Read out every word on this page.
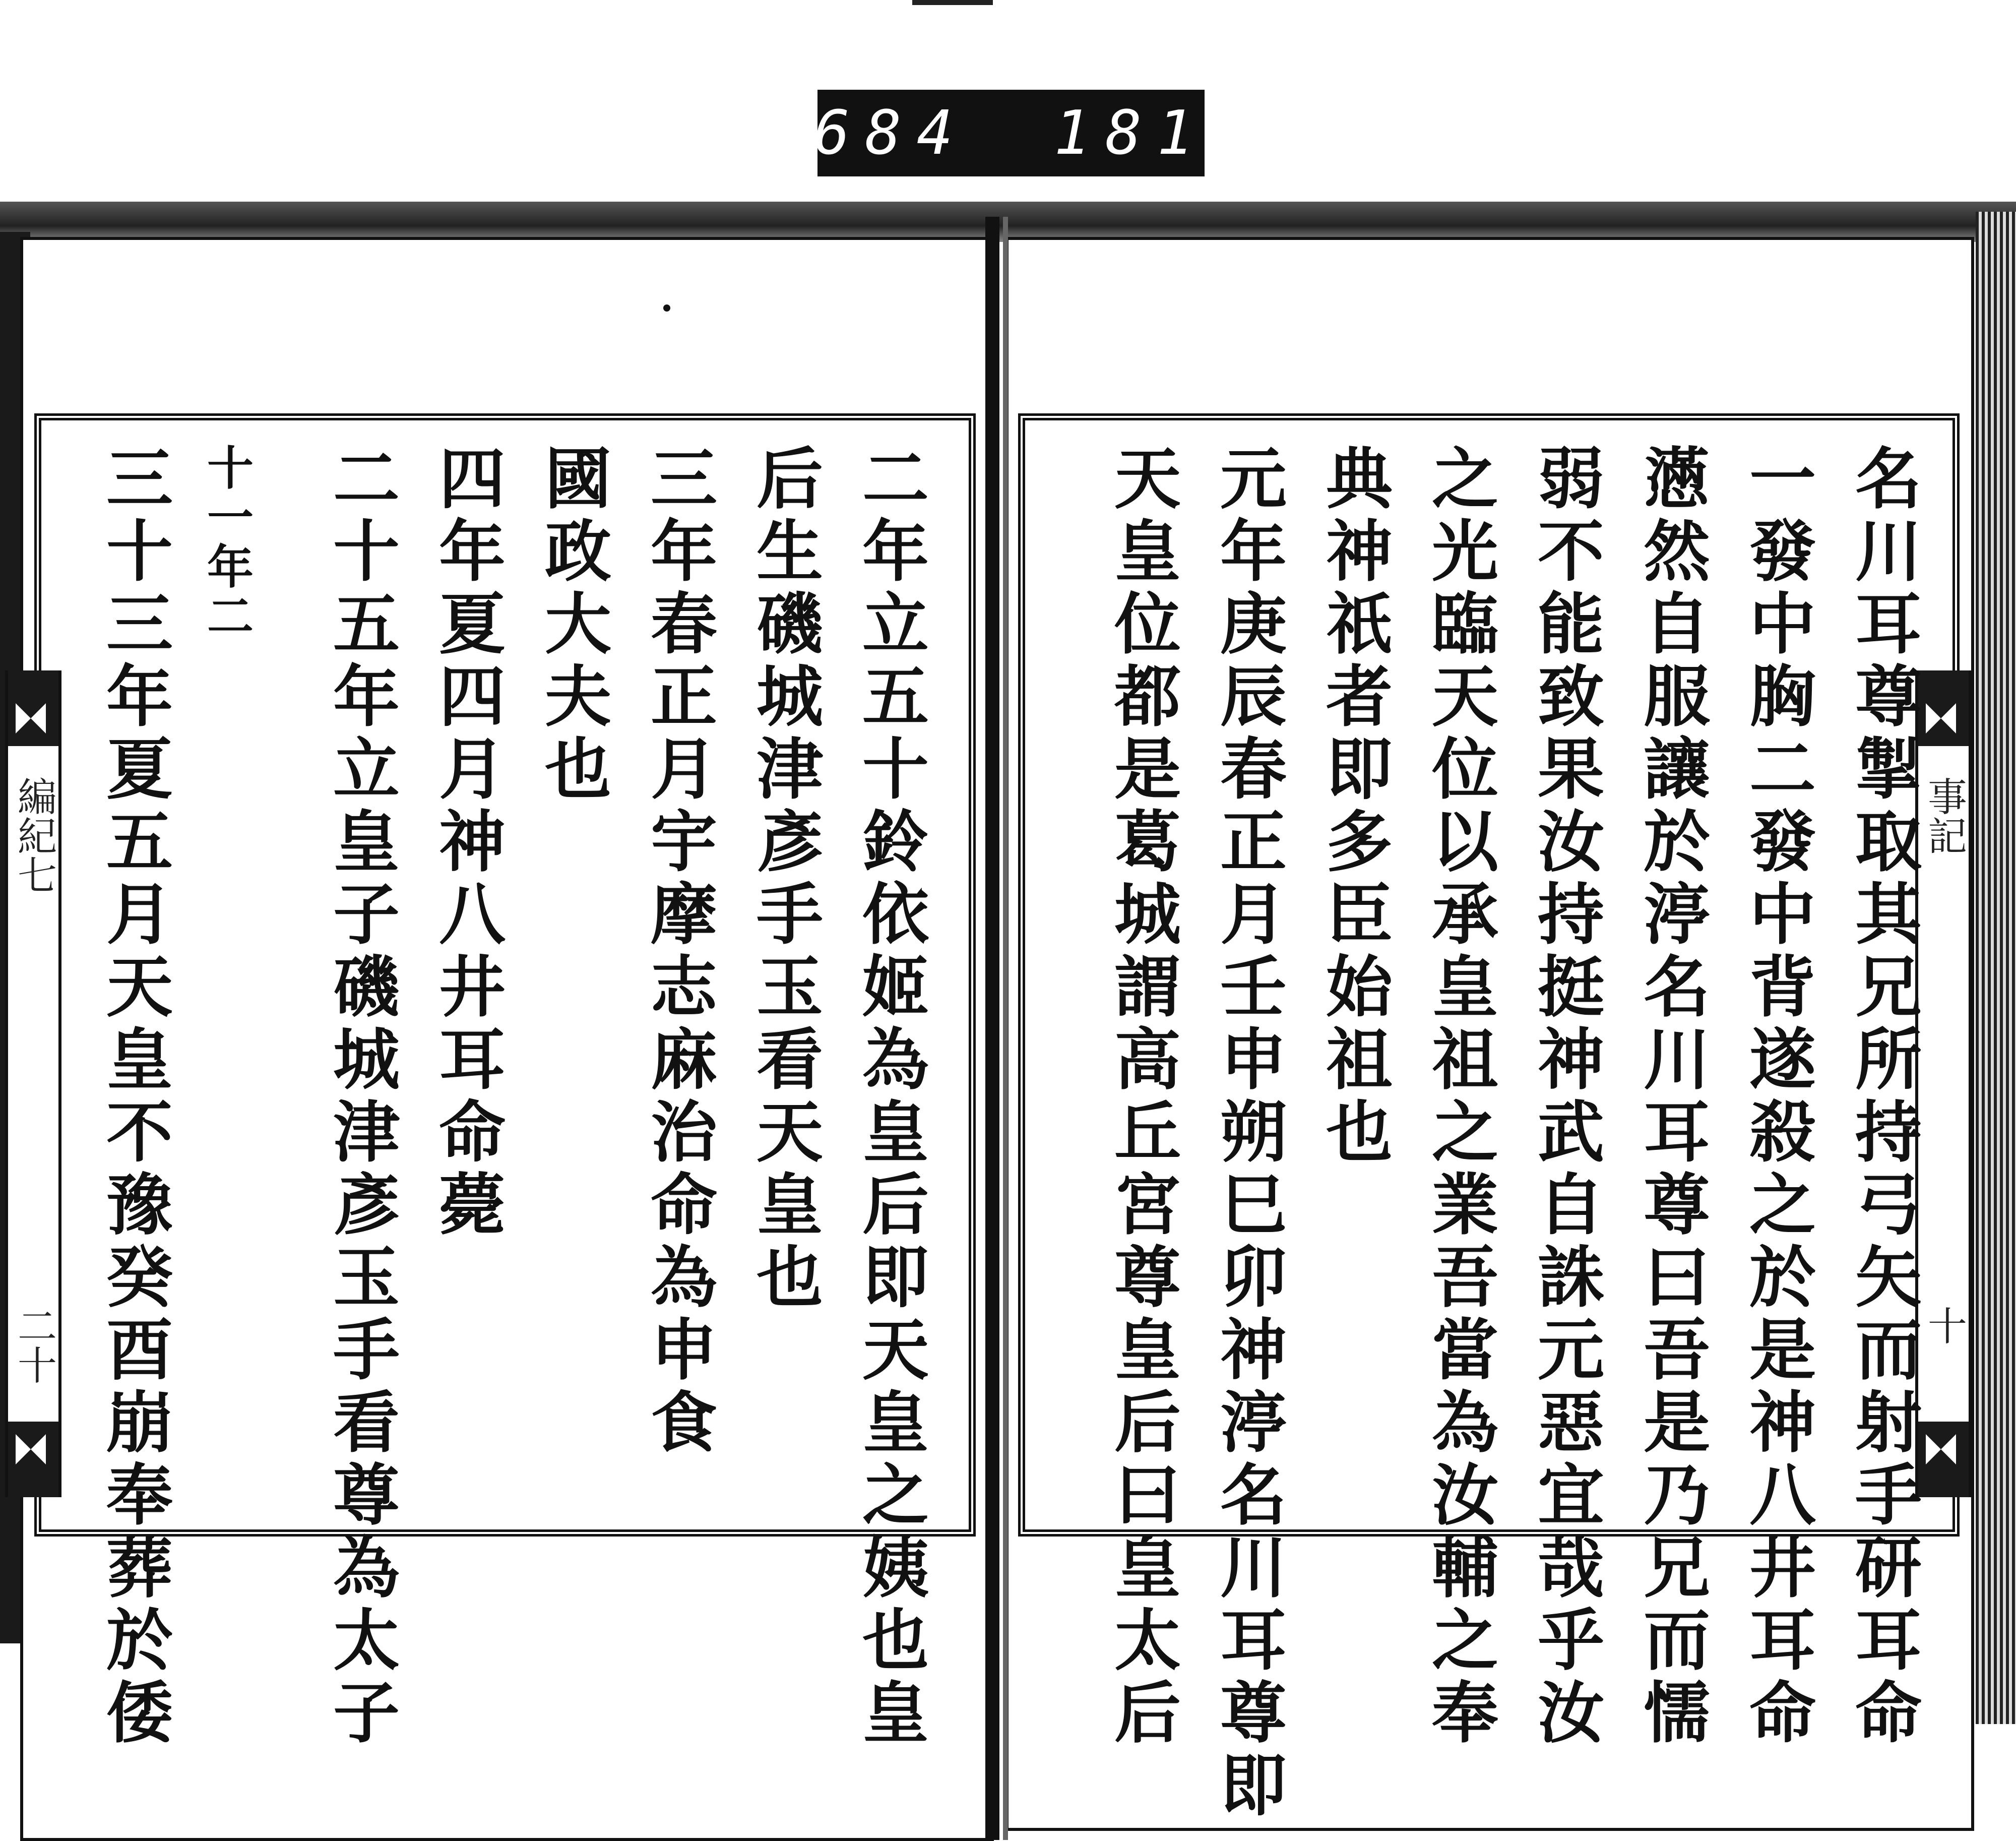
684 181
編紀七
二十
事記
十
名川耳尊掣取其兄所持弓矢而射手研耳命
一發中胸二發中背遂殺之於是神八井耳命
懣然自服讓於渟名川耳尊曰吾是乃兄而懦
弱不能致果汝持挺神武自誅元惡宜哉乎汝
之光臨天位以承皇祖之業吾當為汝輔之奉
典神祇者即多臣始祖也
元年庚辰春正月壬申朔巳卯神渟名川耳尊即
天皇位都是葛城謂高丘宮尊皇后曰皇太后
二年立五十鈴依姬為皇后即天皇之姨也皇
后生磯城津彥手玉看天皇也
三年春正月宇摩志麻治命為申食
國政大夫也
四年夏四月神八井耳命薨
二十五年立皇子磯城津彥玉手看尊為太子
十一
年二
三十三年夏五月天皇不豫癸酉崩奉葬於倭
